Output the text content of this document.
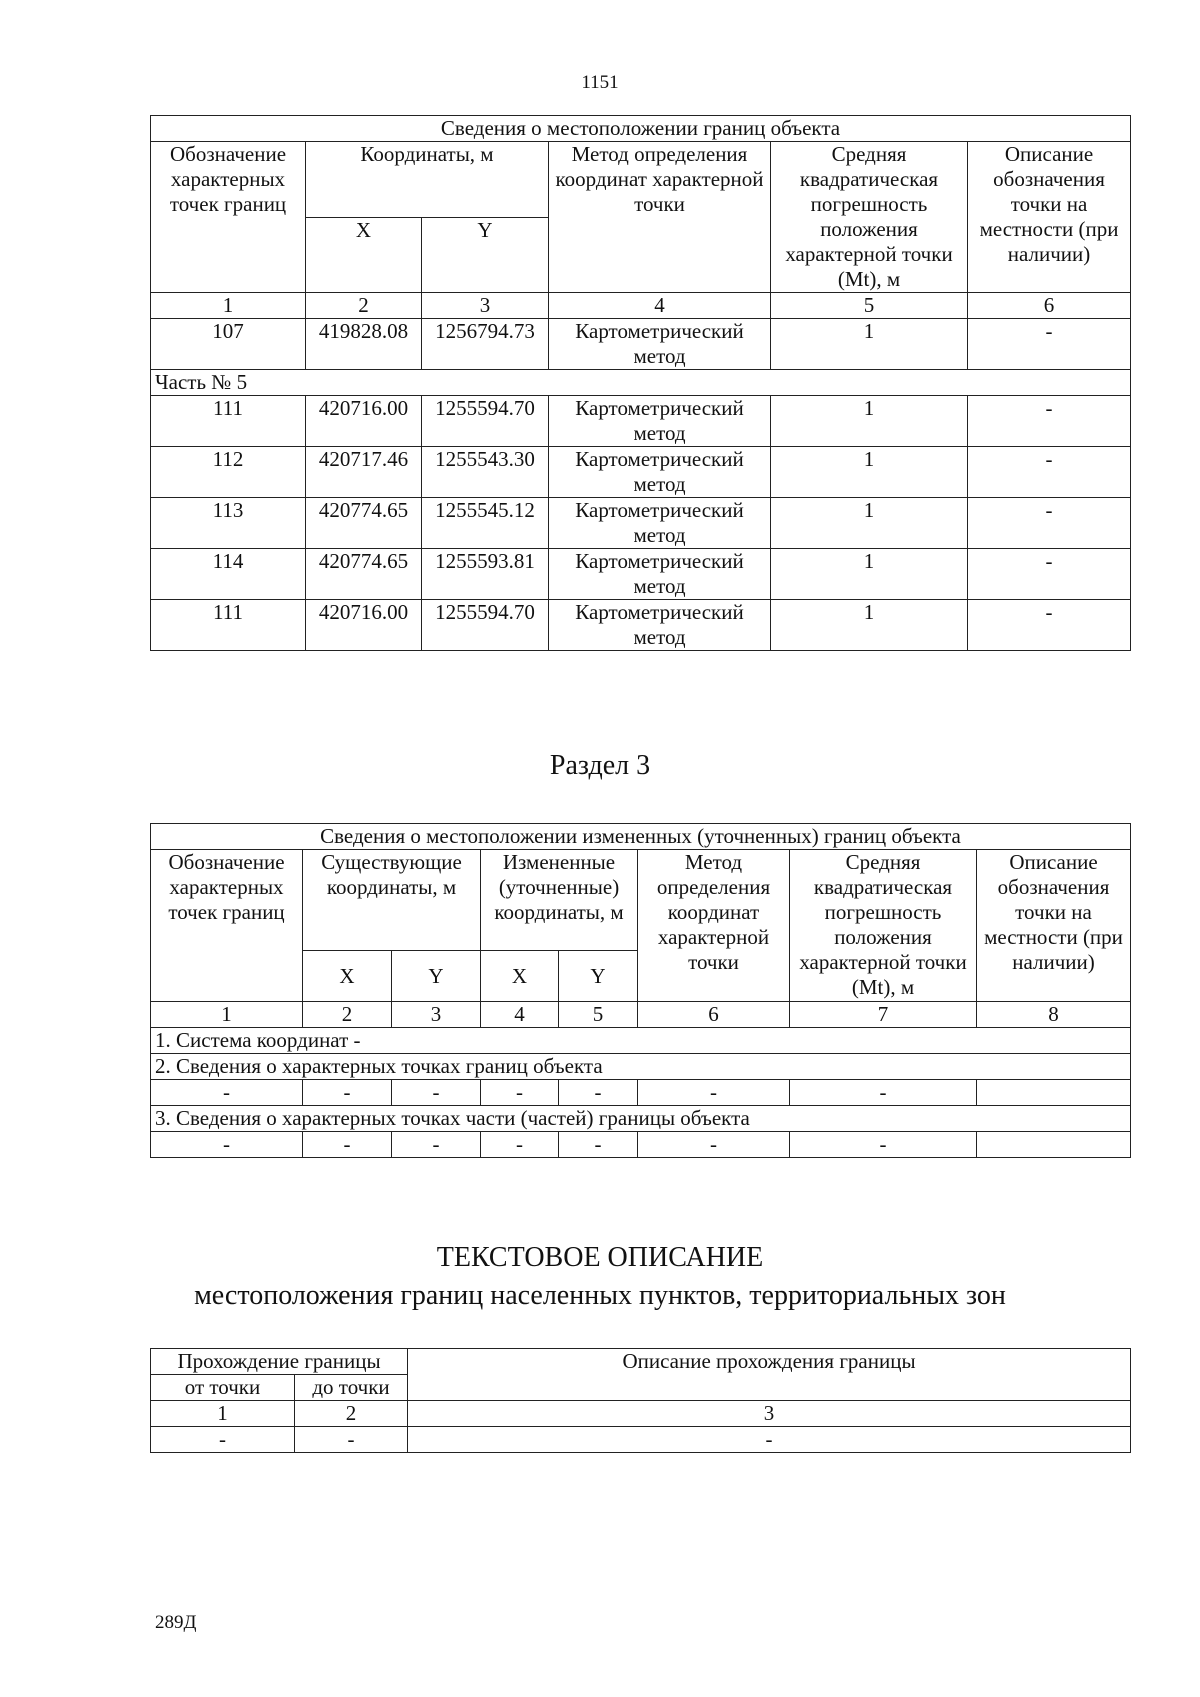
1151
Сведения о местоположении границ объекта					
Обозначение характерных точек границ	Координаты, м		Метод определения координат характерной точки	Средняя квадратическая погрешность положения характерной точки (Mt), м	Описание обозначения точки на местности (при наличии)
	X	Y			
1	2	3	4	5	6
107	419828.08	1256794.73	Картометрический метод	1	-
Часть № 5					
111	420716.00	1255594.70	Картометрический метод	1	-
112	420717.46	1255543.30	Картометрический метод	1	-
113	420774.65	1255545.12	Картометрический метод	1	-
114	420774.65	1255593.81	Картометрический метод	1	-
111	420716.00	1255594.70	Картометрический метод	1	-
Раздел 3
Сведения о местоположении измененных (уточненных) границ объекта							
Обозначение характерных точек границ	Существующие координаты, м		Измененные (уточненные) координаты, м		Метод определения координат характерной точки	Средняя квадратическая погрешность положения характерной точки (Mt), м	Описание обозначения точки на местности (при наличии)
	X	Y	X	Y			
1	2	3	4	5	6	7	8
1. Система координат -							
2. Сведения о характерных точках границ объекта							
-	-	-	-	-	-	-	
3. Сведения о характерных точках части (частей) границы объекта							
-	-	-	-	-	-	-	
ТЕКСТОВОЕ ОПИСАНИЕ
местоположения границ населенных пунктов, территориальных зон
Прохождение границы		Описание прохождения границы
от точки	до точки	
1	2	3
-	-	-
289Д
